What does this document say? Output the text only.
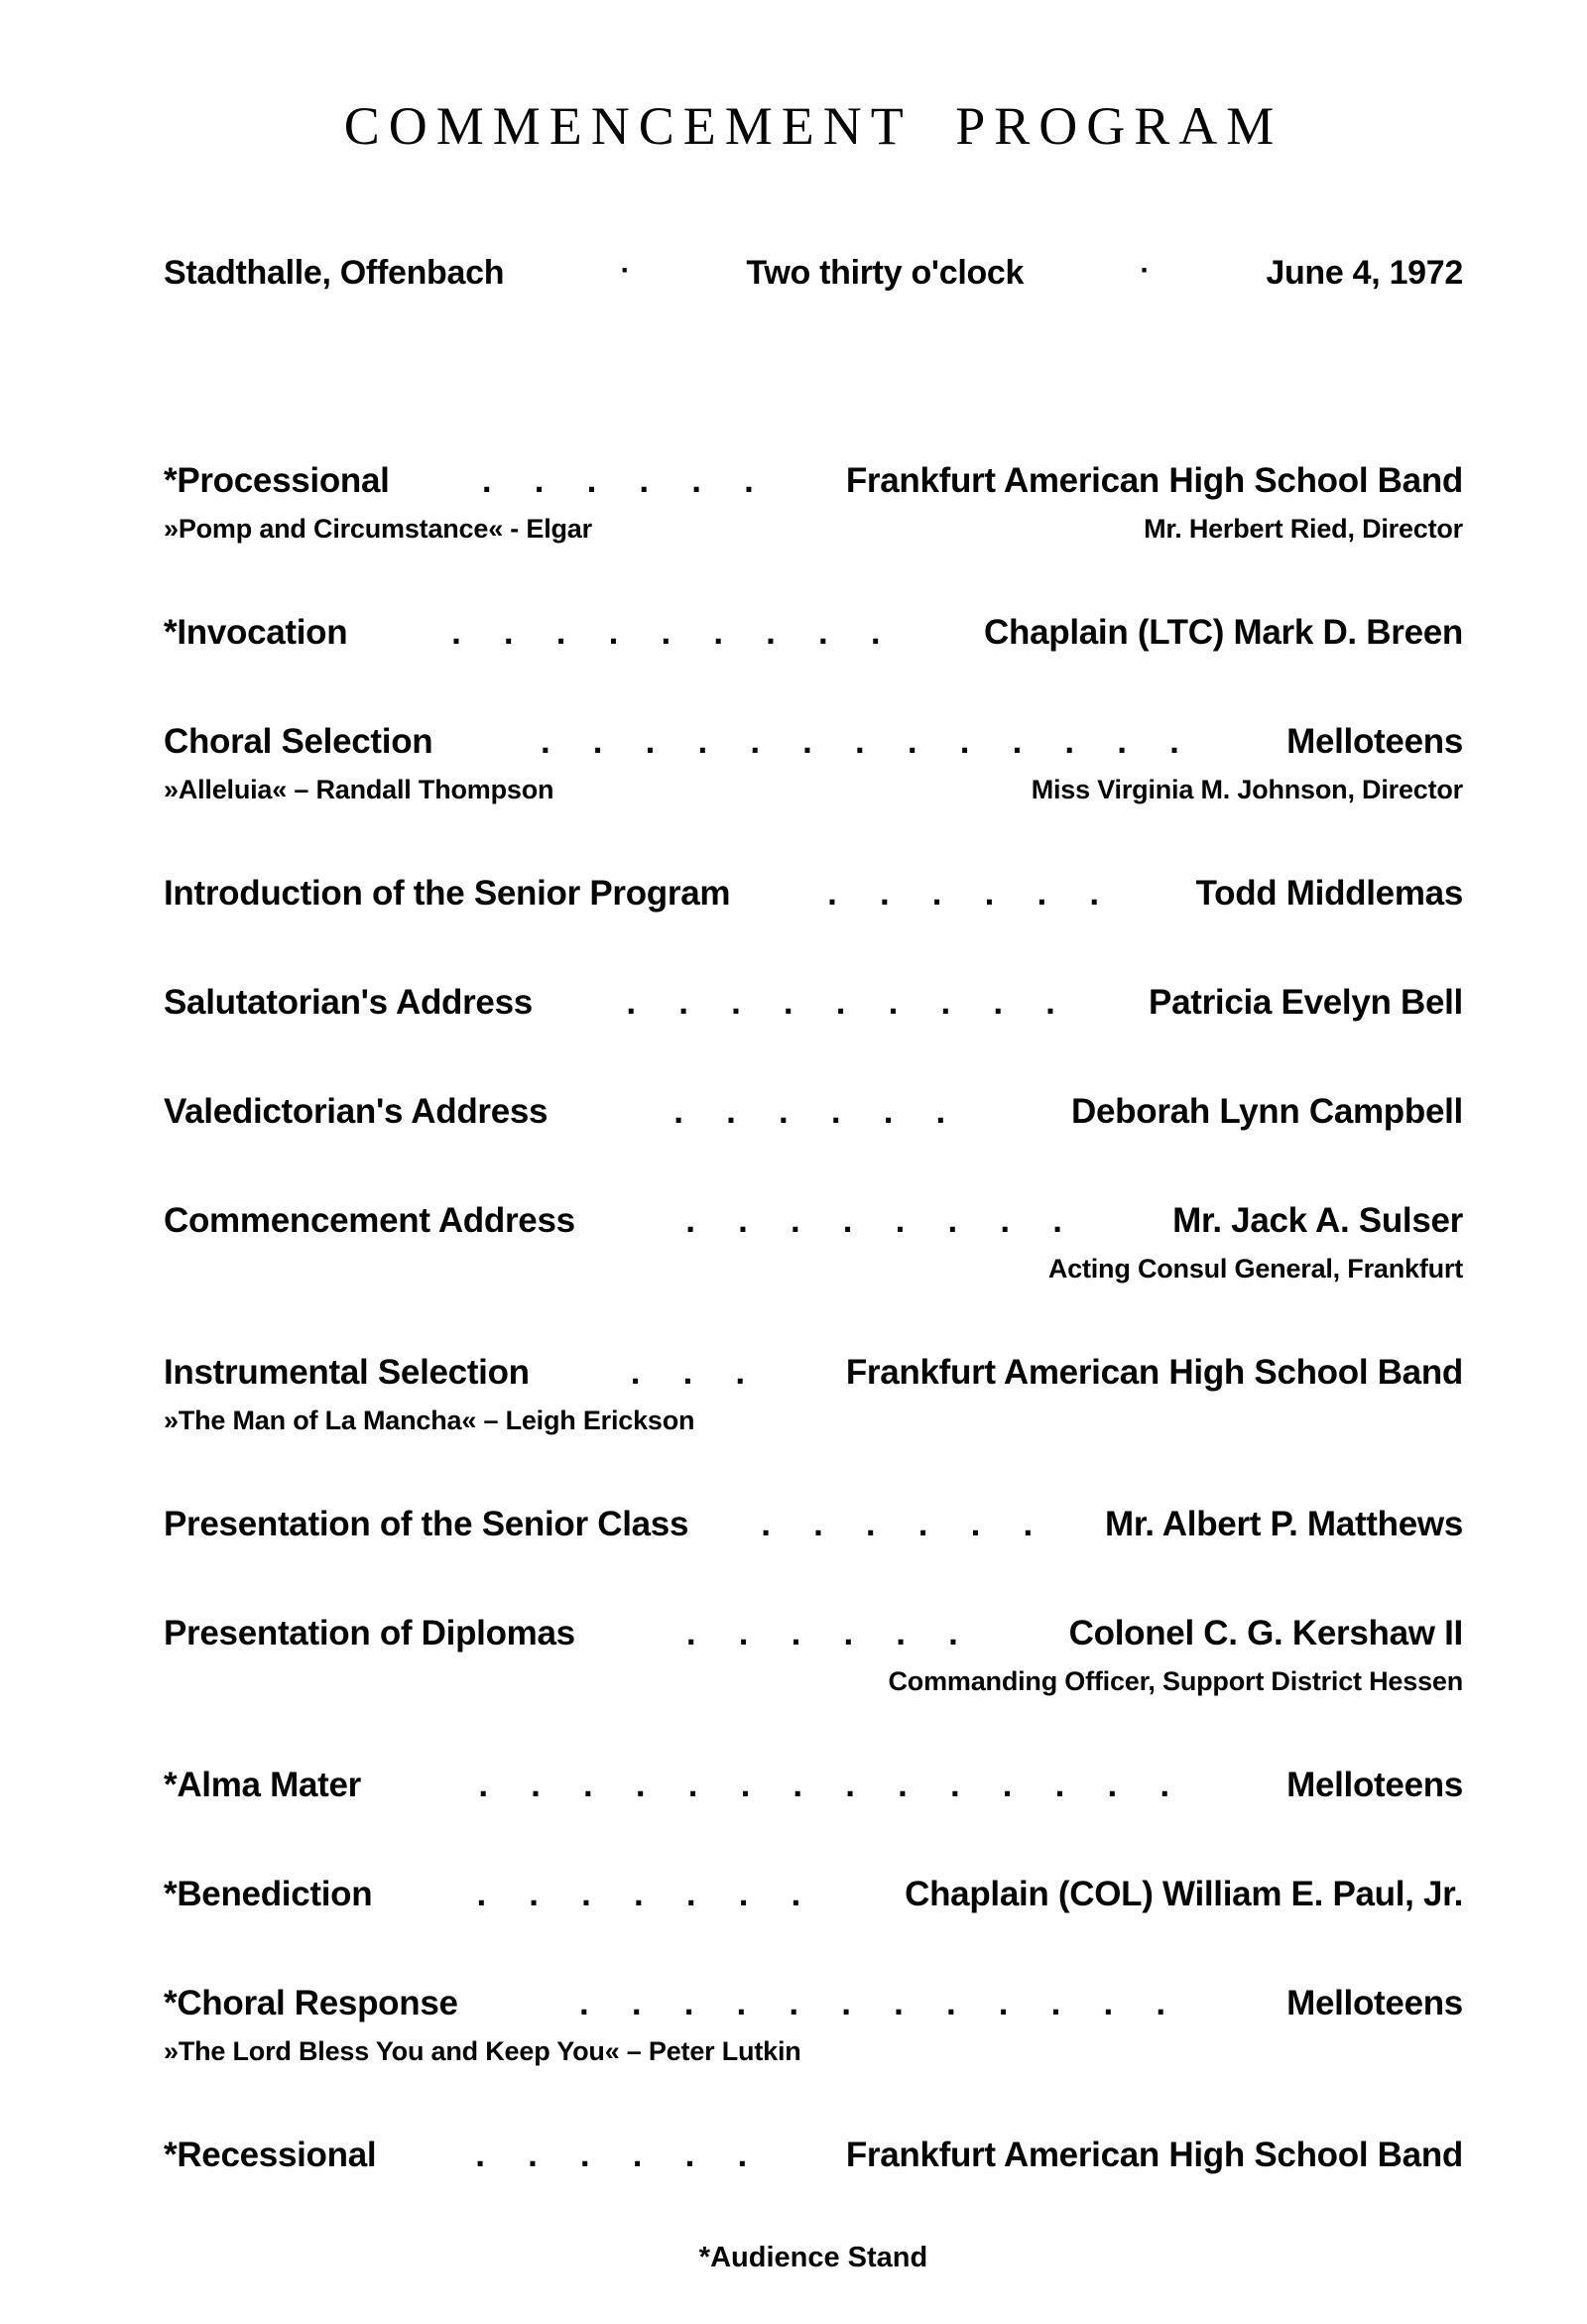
COMMENCEMENT PROGRAM
Stadthalle, Offenbach	·	Two thirty o'clock	·	June 4, 1972
*Processional	. . . . . .	Frankfurt American High School Band
»Pomp and Circumstance« - Elgar	Mr. Herbert Ried, Director
*Invocation	. . . . . . . . .	Chaplain (LTC) Mark D. Breen
Choral Selection	. . . . . . . . . . . . .	Melloteens
»Alleluia« – Randall Thompson	Miss Virginia M. Johnson, Director
Introduction of the Senior Program	. . . . . .	Todd Middlemas
Salutatorian's Address	. . . . . . . . .	Patricia Evelyn Bell
Valedictorian's Address	. . . . . .	Deborah Lynn Campbell
Commencement Address	. . . . . . . .	Mr. Jack A. Sulser
Acting Consul General, Frankfurt
Instrumental Selection	. . .	Frankfurt American High School Band
»The Man of La Mancha« – Leigh Erickson
Presentation of the Senior Class	. . . . . .	Mr. Albert P. Matthews
Presentation of Diplomas	. . . . . .	Colonel C. G. Kershaw II
Commanding Officer, Support District Hessen
*Alma Mater	. . . . . . . . . . . . . .	Melloteens
*Benediction	. . . . . . .	Chaplain (COL) William E. Paul, Jr.
*Choral Response	. . . . . . . . . . . .	Melloteens
»The Lord Bless You and Keep You« – Peter Lutkin
*Recessional	. . . . . .	Frankfurt American High School Band
*Audience Stand
